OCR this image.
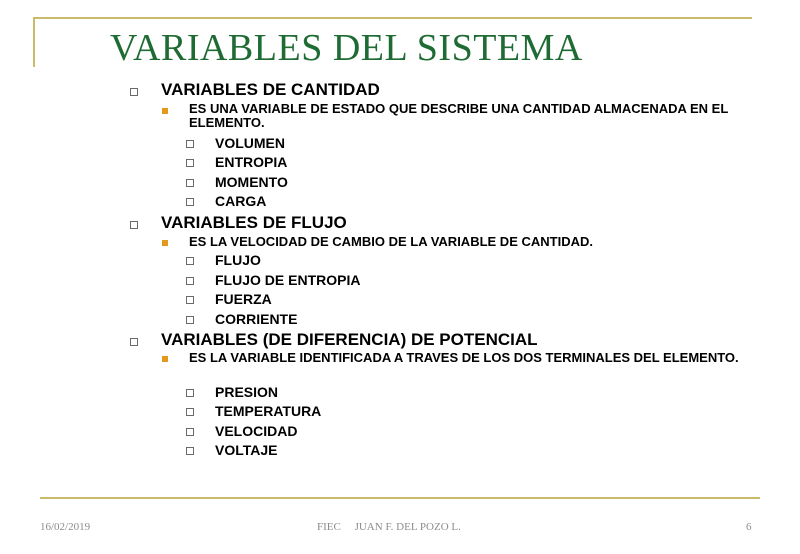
VARIABLES DEL SISTEMA
VARIABLES DE CANTIDAD
ES UNA VARIABLE DE ESTADO QUE DESCRIBE UNA CANTIDAD ALMACENADA EN EL ELEMENTO.
VOLUMEN
ENTROPIA
MOMENTO
CARGA
VARIABLES DE FLUJO
ES LA VELOCIDAD DE CAMBIO DE LA VARIABLE DE CANTIDAD.
FLUJO
FLUJO DE ENTROPIA
FUERZA
CORRIENTE
VARIABLES (DE DIFERENCIA) DE POTENCIAL
ES LA VARIABLE IDENTIFICADA A TRAVES DE LOS DOS TERMINALES DEL ELEMENTO.
PRESION
TEMPERATURA
VELOCIDAD
VOLTAJE
16/02/2019	FIEC     JUAN F. DEL POZO L.	6
